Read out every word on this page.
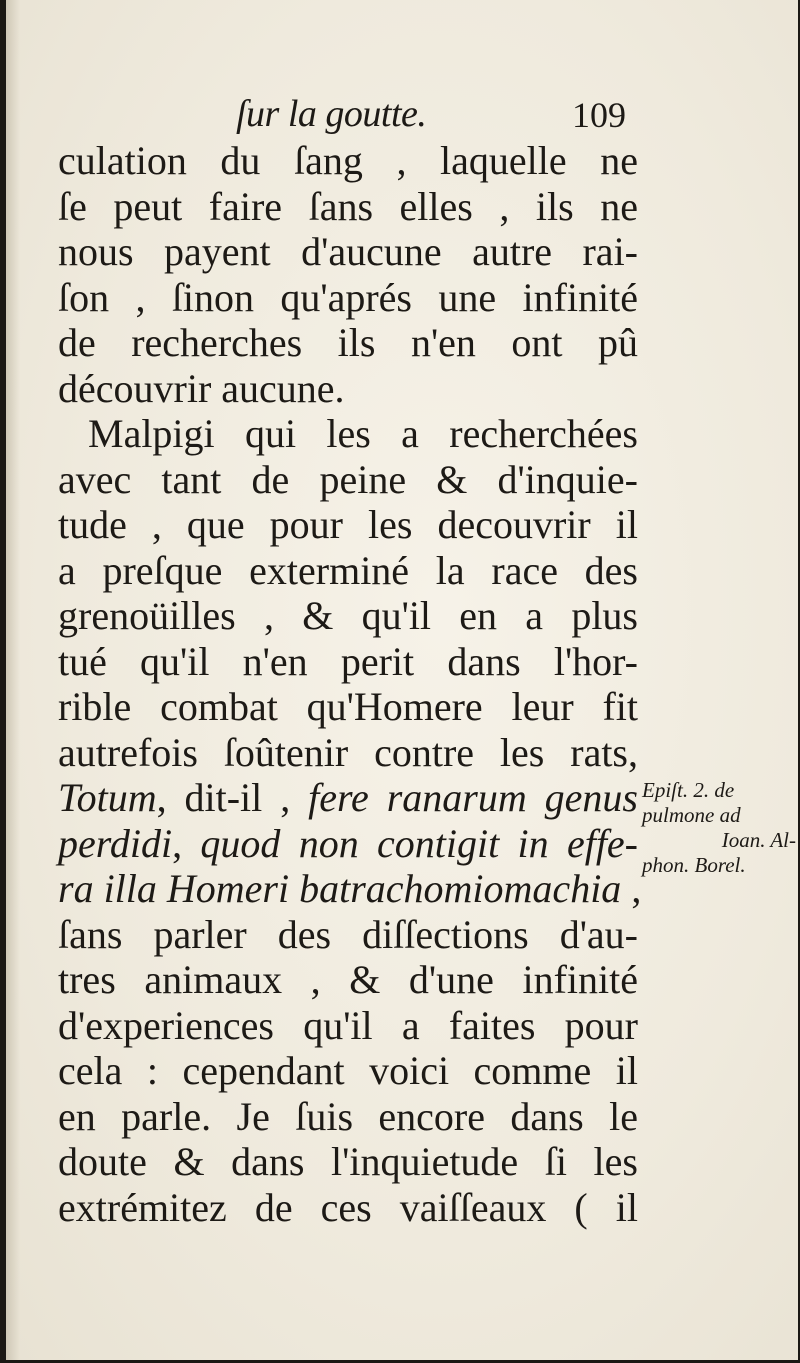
ſur la goutte.	109
culation du ſang , laquelle ne
ſe peut faire ſans elles , ils ne
nous payent d'aucune autre rai-
ſon , ſinon qu'aprés une infinité
de recherches ils n'en ont pû
découvrir aucune.
Malpigi qui les a recherchées
avec tant de peine & d'inquie-
tude , que pour les decouvrir il
a preſque exterminé la race des
grenoüilles , & qu'il en a plus
tué qu'il n'en perit dans l'hor-
rible combat qu'Homere leur fit
autrefois ſoûtenir contre les rats,
Totum, dit-il , fere ranarum genus
perdidi, quod non contigit in effe-
ra illa Homeri batrachomiomachia ,
ſans parler des diſſections d'au-
tres animaux , & d'une infinité
d'experiences qu'il a faites pour
cela : cependant voici comme il
en parle. Je ſuis encore dans le
doute & dans l'inquietude ſi les
extrémitez de ces vaiſſeaux ( il
Epiſt. 2. de
pulmone ad
Ioan. Al-
phon. Borel.
